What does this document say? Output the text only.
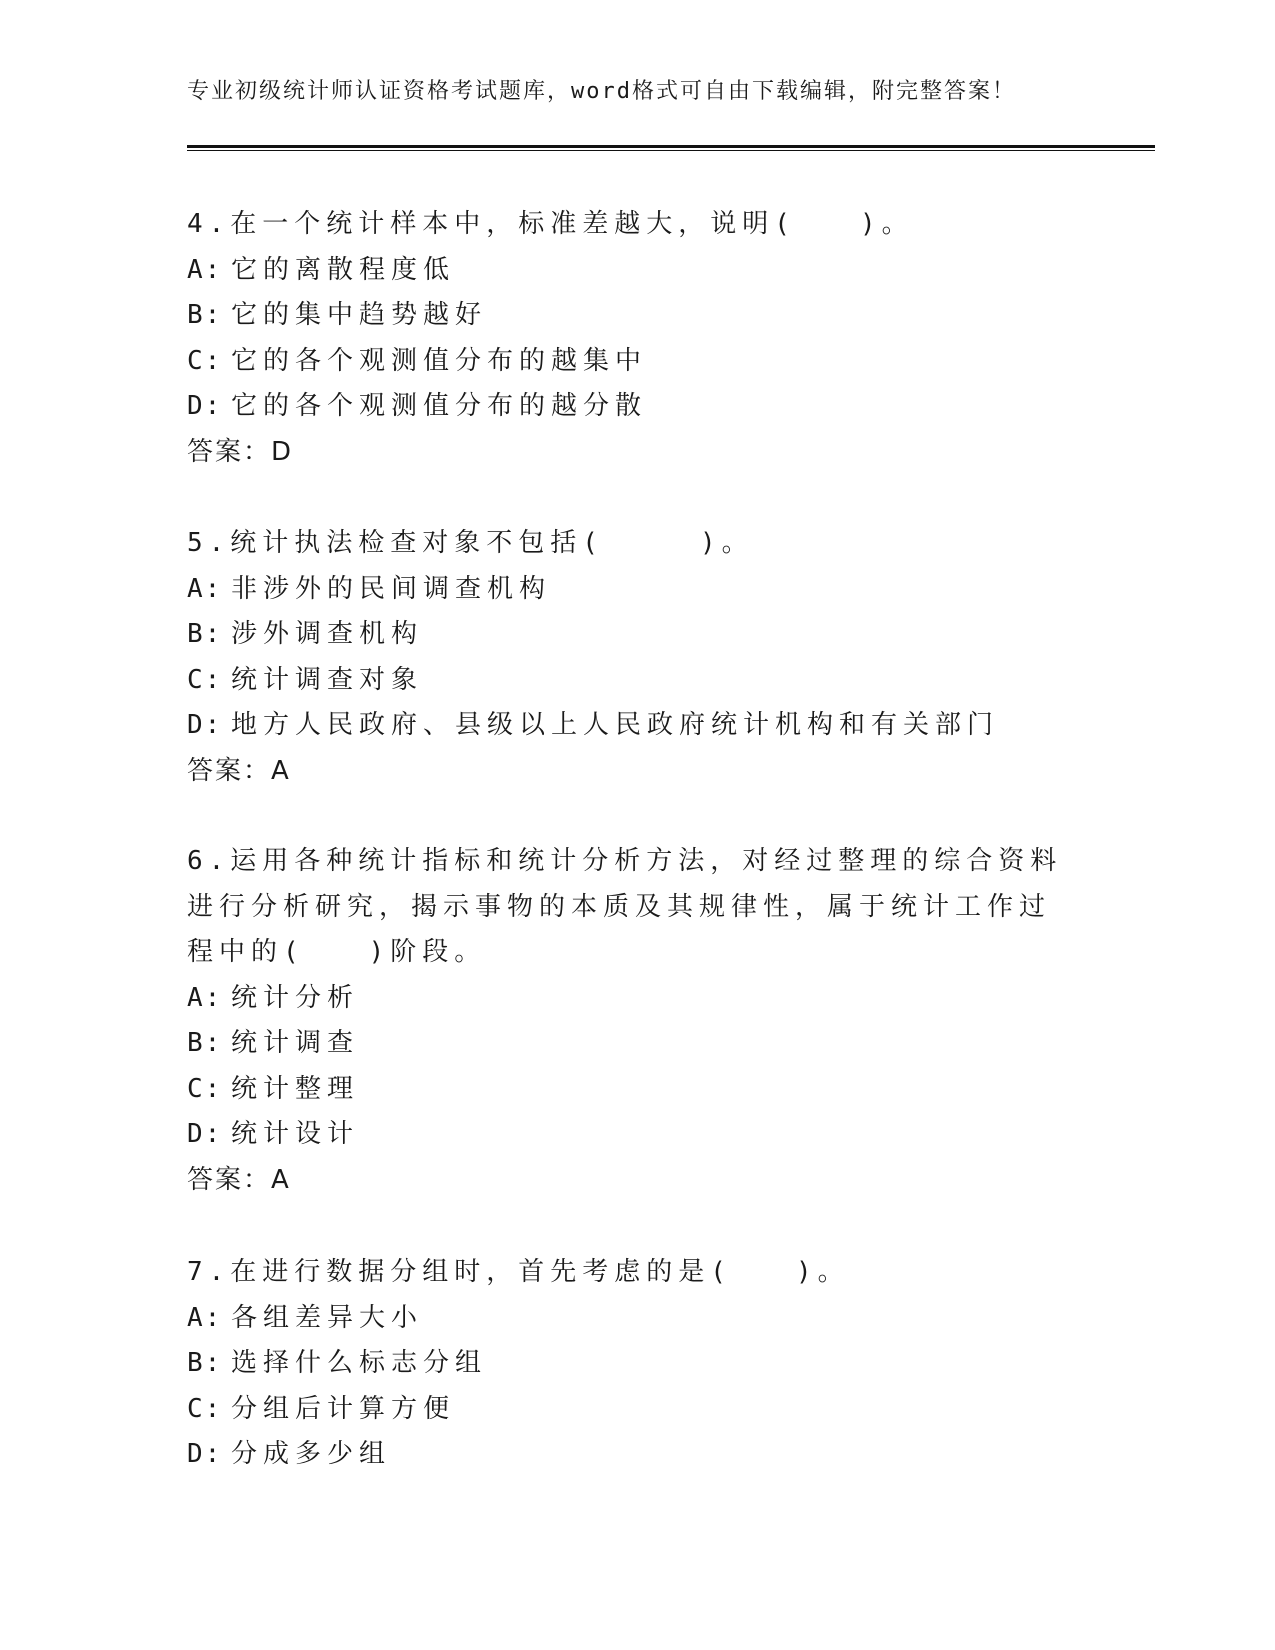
专业初级统计师认证资格考试题库，word格式可自由下载编辑，附完整答案！

4.在一个统计样本中，标准差越大，说明(　　)。

A: 它的离散程度低
B: 它的集中趋势越好
C: 它的各个观测值分布的越集中
D: 它的各个观测值分布的越分散
答案：D

5.统计执法检查对象不包括(　　　)。

A: 非涉外的民间调查机构
B: 涉外调查机构
C: 统计调查对象
D: 地方人民政府、县级以上人民政府统计机构和有关部门
答案：A

6.运用各种统计指标和统计分析方法，对经过整理的综合资料进行分析研究，揭示事物的本质及其规律性，属于统计工作过程中的(　　)阶段。

A: 统计分析
B: 统计调查
C: 统计整理
D: 统计设计
答案：A

7.在进行数据分组时，首先考虑的是(　　)。

A: 各组差异大小
B: 选择什么标志分组
C: 分组后计算方便
D: 分成多少组
